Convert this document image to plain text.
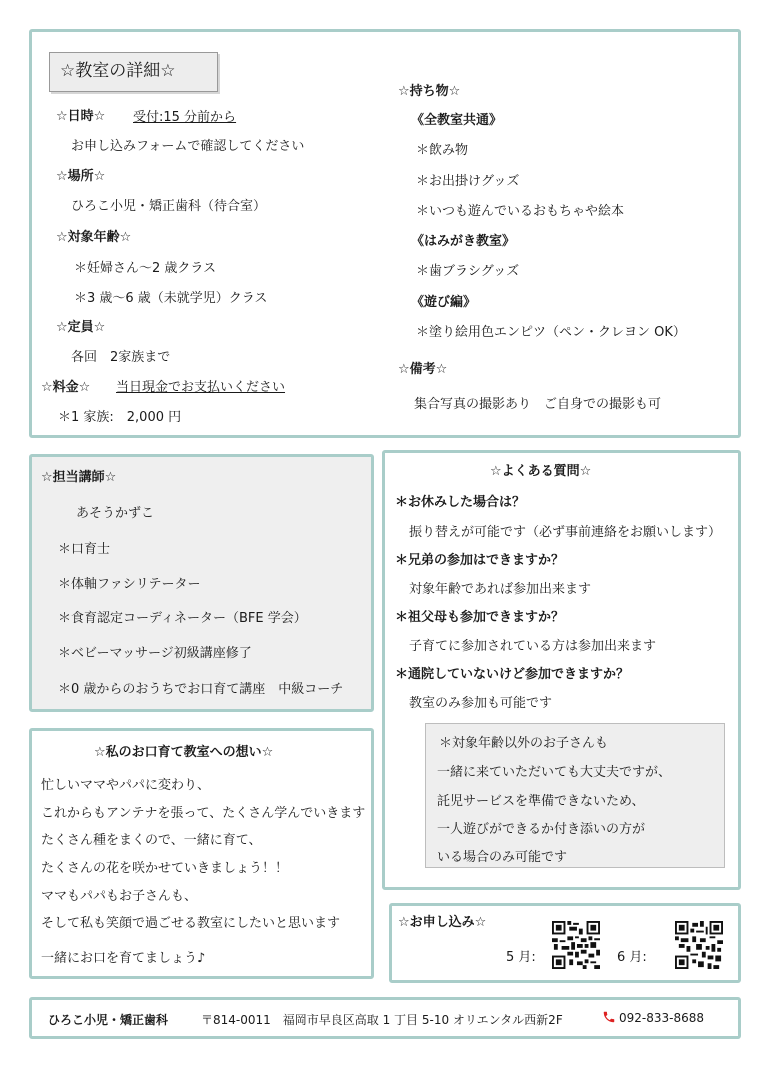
☆教室の詳細☆
☆日時☆ 受付:15 分前から
お申し込みフォームで確認してください
☆場所☆
ひろこ小児・矯正歯科（待合室）
☆対象年齢☆
＊妊婦さん～2 歳クラス
＊3 歳～6 歳（未就学児）クラス
☆定員☆
各回　2家族まで
☆料金☆ 当日現金でお支払いください
＊1 家族:　2,000 円
☆持ち物☆
《全教室共通》
＊飲み物
＊お出掛けグッズ
＊いつも遊んでいるおもちゃや絵本
《はみがき教室》
＊歯ブラシグッズ
《遊び編》
＊塗り絵用色エンピツ（ペン・クレヨン OK）
☆備考☆
集合写真の撮影あり　ご自身での撮影も可
☆担当講師☆
あそうかずこ
＊口育士
＊体軸ファシリテーター
＊食育認定コーディネーター（BFE 学会）
＊ベビーマッサージ初級講座修了
＊0 歳からのおうちでお口育て講座　中級コーチ
☆私のお口育て教室への想い☆
忙しいママやパパに変わり、
これからもアンテナを張って、たくさん学んでいきます
たくさん種をまくので、一緒に育て、
たくさんの花を咲かせていきましょう！！
ママもパパもお子さんも、
そして私も笑顔で過ごせる教室にしたいと思います
一緒にお口を育てましょう♪
☆よくある質問☆
＊お休みした場合は？
振り替えが可能です（必ず事前連絡をお願いします）
＊兄弟の参加はできますか？
対象年齢であれば参加出来ます
＊祖父母も参加できますか？
子育てに参加されている方は参加出来ます
＊通院していないけど参加できますか？
教室のみ参加も可能です
＊対象年齢以外のお子さんも
一緒に来ていただいても大丈夫ですが、
託児サービスを準備できないため、
一人遊びができるか付き添いの方が
いる場合のみ可能です
☆お申し込み☆
5 月:	6 月:
ひろこ小児・矯正歯科	〒814-0011　福岡市早良区高取 1 丁目 5-10 オリエンタル西新2F	092-833-8688
